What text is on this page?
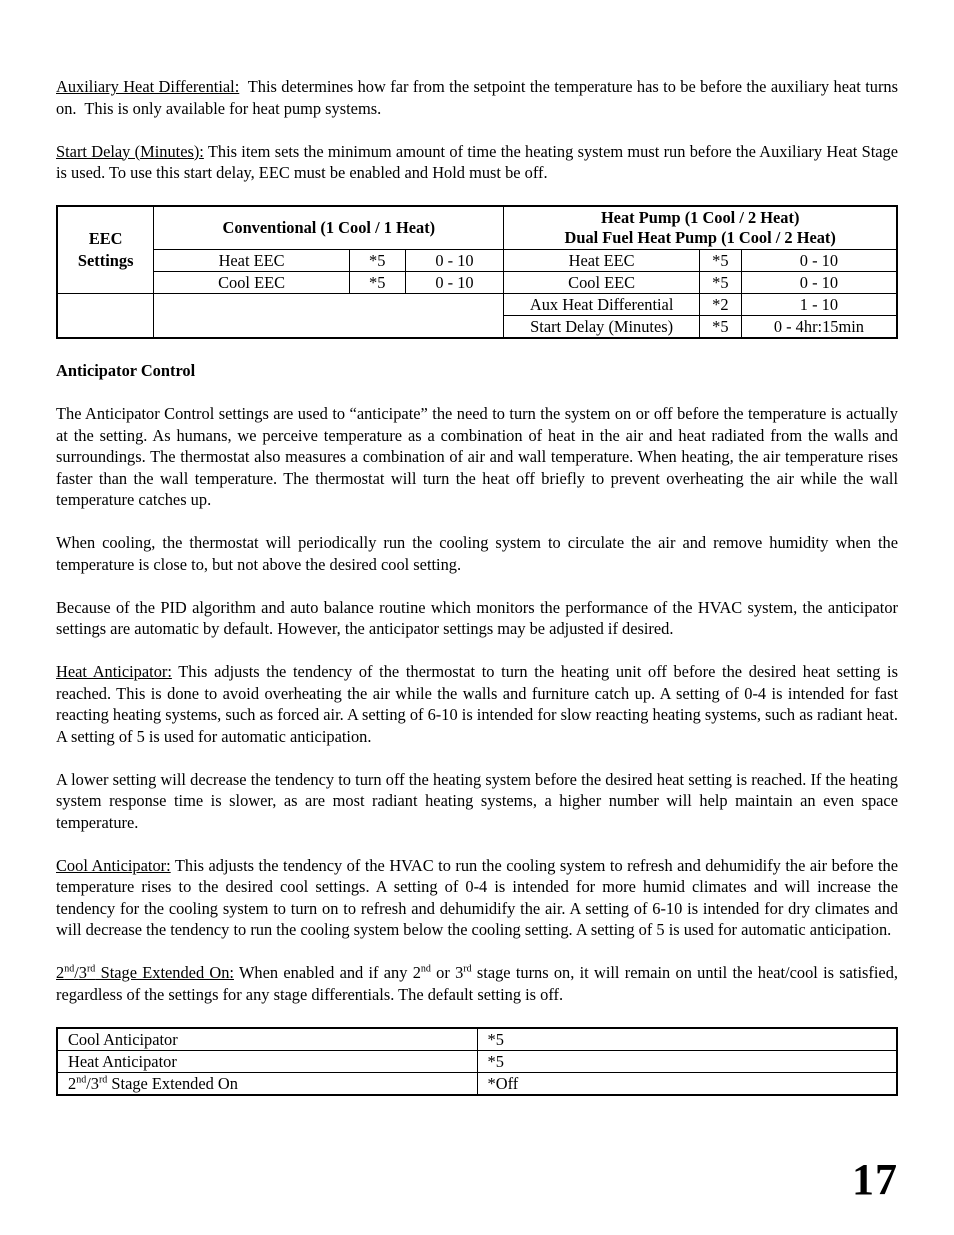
Auxiliary Heat Differential:  This determines how far from the setpoint the temperature has to be before the auxiliary heat turns on.  This is only available for heat pump systems.

Start Delay (Minutes): This item sets the minimum amount of time the heating system must run before the Auxiliary Heat Stage is used. To use this start delay, EEC must be enabled and Hold must be off.

EEC
Settings	Conventional (1 Cool / 1 Heat)			Heat Pump (1 Cool / 2 Heat)
Dual Fuel Heat Pump (1 Cool / 2 Heat)		
	Heat EEC	*5	0 - 10	Heat EEC	*5	0 - 10
	Cool EEC	*5	0 - 10	Cool EEC	*5	0 - 10
				Aux Heat Differential	*2	1 - 10
				Start Delay (Minutes)	*5	0 - 4hr:15min
Anticipator Control

The Anticipator Control settings are used to “anticipate” the need to turn the system on or off before the temperature is actually at the setting. As humans, we perceive temperature as a combination of heat in the air and heat radiated from the walls and surroundings. The thermostat also measures a combination of air and wall temperature. When heating, the air temperature rises faster than the wall temperature. The thermostat will turn the heat off briefly to prevent overheating the air while the wall temperature catches up.

When cooling, the thermostat will periodically run the cooling system to circulate the air and remove humidity when the temperature is close to, but not above the desired cool setting.

Because of the PID algorithm and auto balance routine which monitors the performance of the HVAC system, the anticipator settings are automatic by default. However, the anticipator settings may be adjusted if desired.

Heat Anticipator: This adjusts the tendency of the thermostat to turn the heating unit off before the desired heat setting is reached. This is done to avoid overheating the air while the walls and furniture catch up. A setting of 0-4 is intended for fast reacting heating systems, such as forced air. A setting of 6-10 is intended for slow reacting heating systems, such as radiant heat. A setting of 5 is used for automatic anticipation.

A lower setting will decrease the tendency to turn off the heating system before the desired heat setting is reached. If the heating system response time is slower, as are most radiant heating systems, a higher number will help maintain an even space temperature.

Cool Anticipator: This adjusts the tendency of the HVAC to run the cooling system to refresh and dehumidify the air before the temperature rises to the desired cool settings. A setting of 0-4 is intended for more humid climates and will increase the tendency for the cooling system to turn on to refresh and dehumidify the air. A setting of 6-10 is intended for dry climates and will decrease the tendency to run the cooling system below the cooling setting. A setting of 5 is used for automatic anticipation.

2nd/3rd Stage Extended On: When enabled and if any 2nd or 3rd stage turns on, it will remain on until the heat/cool is satisfied, regardless of the settings for any stage differentials. The default setting is off.

Cool Anticipator	*5
Heat Anticipator	*5
2nd/3rd Stage Extended On	*Off
17
